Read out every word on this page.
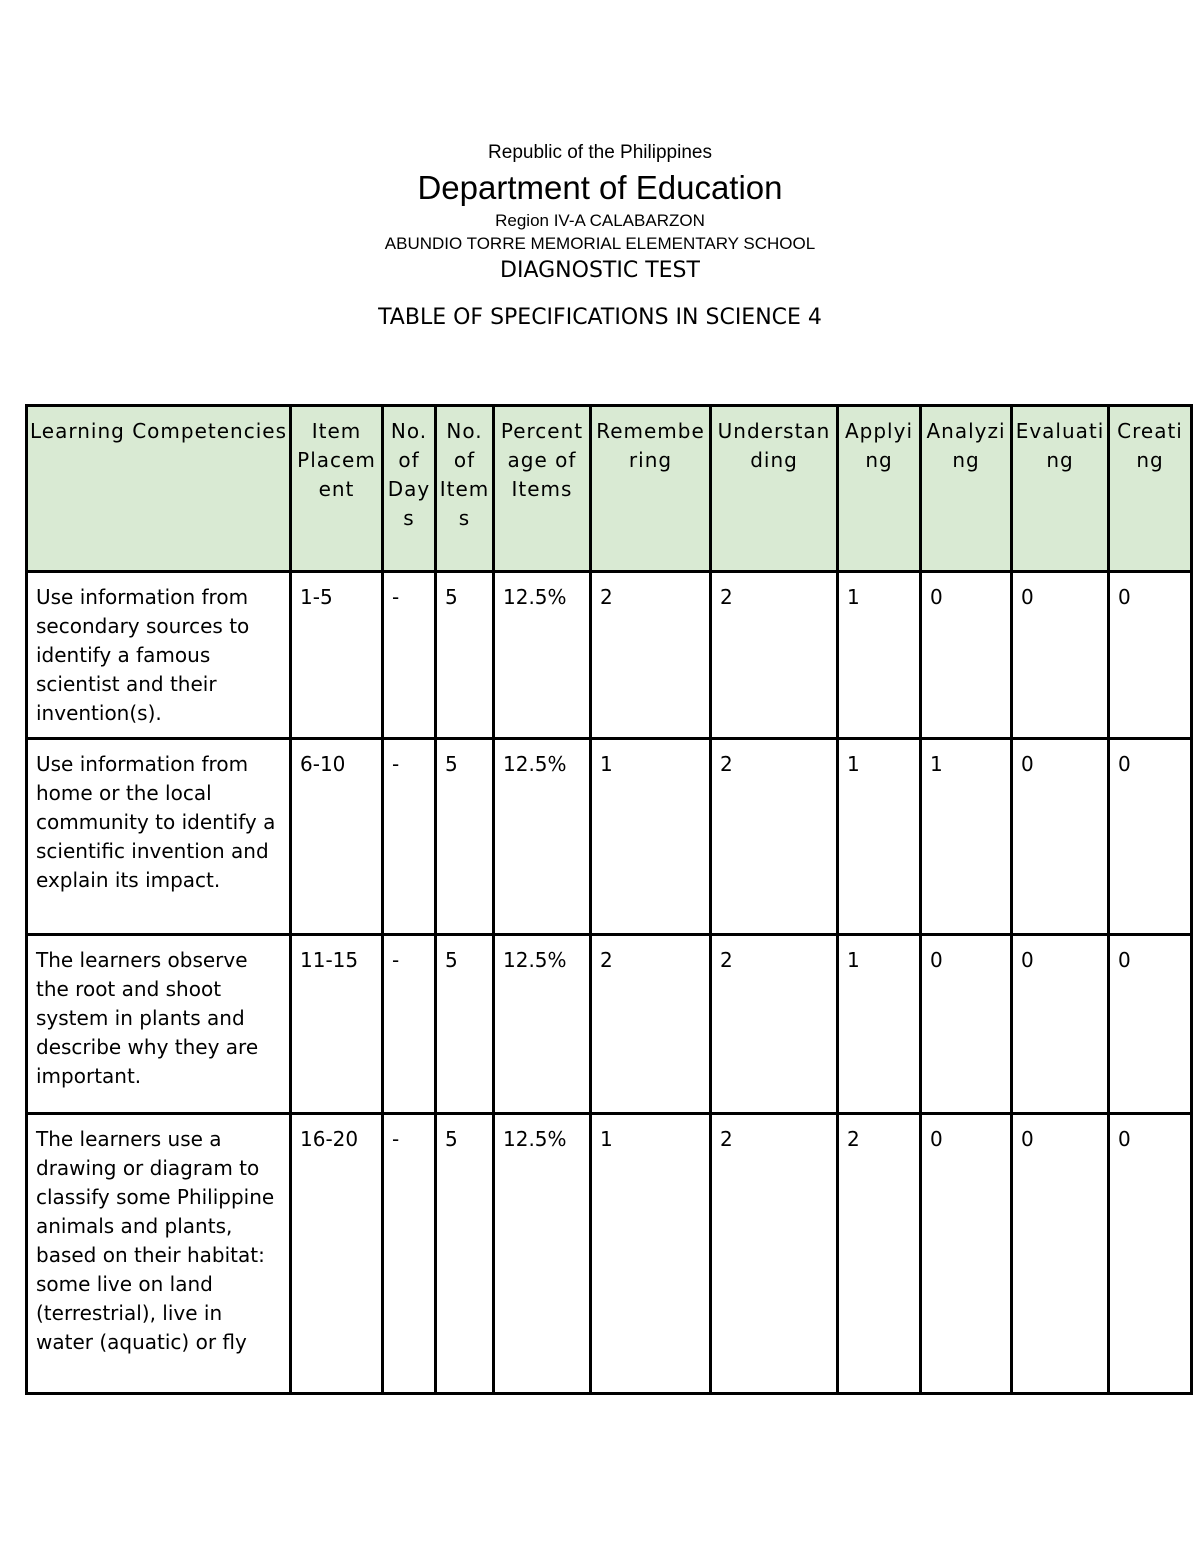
Republic of the Philippines
Department of Education
Region IV-A CALABARZON
ABUNDIO TORRE MEMORIAL ELEMENTARY SCHOOL
DIAGNOSTIC TEST
TABLE OF SPECIFICATIONS IN SCIENCE 4
Learning Competencies	Item Placement	No. of Days	No. of Items	Percentage of Items	Remembering	Understanding	Applying	Analyzing	Evaluating	Creating
Use information from secondary sources to identify a famous scientist and their invention(s).	1-5	-	5	12.5%	2	2	1	0	0	0
Use information from home or the local community to identify a scientific invention and explain its impact.	6-10	-	5	12.5%	1	2	1	1	0	0
The learners observe the root and shoot system in plants and describe why they are important.	11-15	-	5	12.5%	2	2	1	0	0	0
The learners use a drawing or diagram to classify some Philippine animals and plants, based on their habitat: some live on land (terrestrial), live in water (aquatic) or fly	16-20	-	5	12.5%	1	2	2	0	0	0
